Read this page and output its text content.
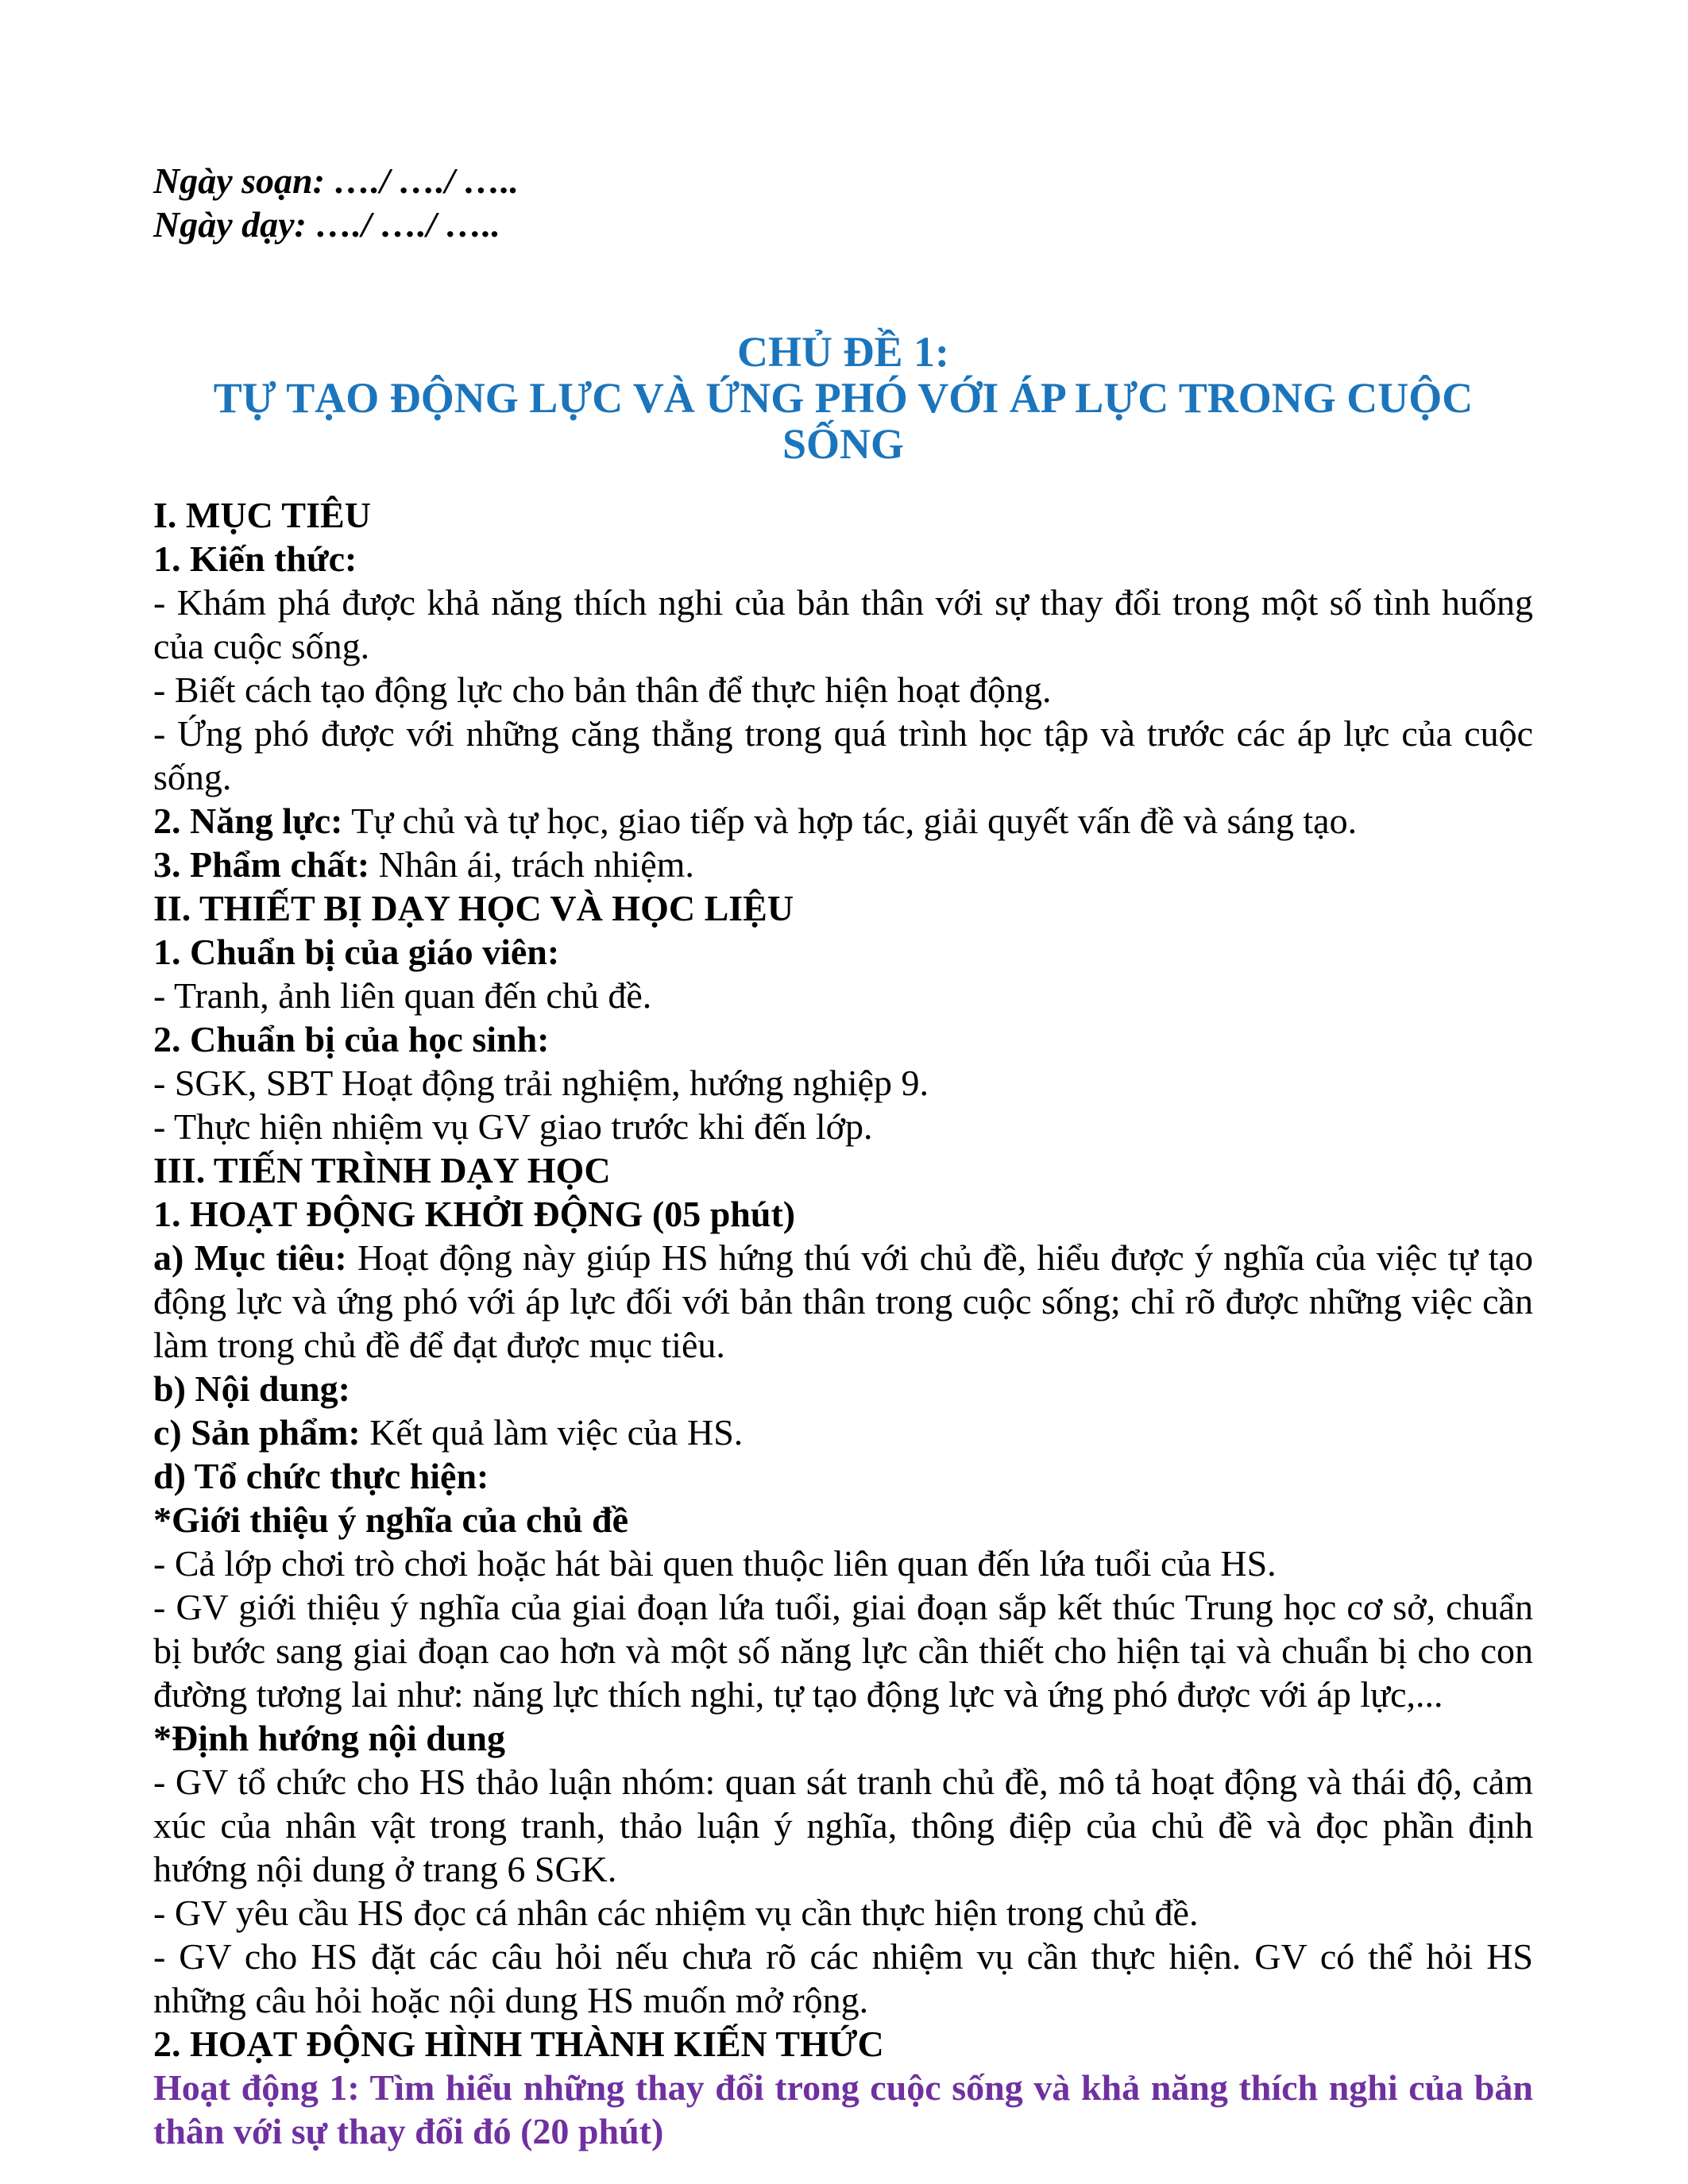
Ngày soạn: …./ …./ …..

Ngày dạy: …./ …./ …..

CHỦ ĐỀ 1:

TỰ TẠO ĐỘNG LỰC VÀ ỨNG PHÓ VỚI ÁP LỰC TRONG CUỘC SỐNG

I. MỤC TIÊU

1. Kiến thức:

- Khám phá được khả năng thích nghi của bản thân với sự thay đổi trong một số tình huống của cuộc sống.

- Biết cách tạo động lực cho bản thân để thực hiện hoạt động.

- Ứng phó được với những căng thẳng trong quá trình học tập và trước các áp lực của cuộc sống.

2. Năng lực: Tự chủ và tự học, giao tiếp và hợp tác, giải quyết vấn đề và sáng tạo.

3. Phẩm chất: Nhân ái, trách nhiệm.

II. THIẾT BỊ DẠY HỌC VÀ HỌC LIỆU

1. Chuẩn bị của giáo viên:

- Tranh, ảnh liên quan đến chủ đề.

2. Chuẩn bị của học sinh:

- SGK, SBT Hoạt động trải nghiệm, hướng nghiệp 9.

- Thực hiện nhiệm vụ GV giao trước khi đến lớp.

III. TIẾN TRÌNH DẠY HỌC

1. HOẠT ĐỘNG KHỞI ĐỘNG (05 phút)

a) Mục tiêu: Hoạt động này giúp HS hứng thú với chủ đề, hiểu được ý nghĩa của việc tự tạo động lực và ứng phó với áp lực đối với bản thân trong cuộc sống; chỉ rõ được những việc cần làm trong chủ đề để đạt được mục tiêu.

b) Nội dung:

c) Sản phẩm: Kết quả làm việc của HS.

d) Tổ chức thực hiện:

*Giới thiệu ý nghĩa của chủ đề

- Cả lớp chơi trò chơi hoặc hát bài quen thuộc liên quan đến lứa tuổi của HS.

- GV giới thiệu ý nghĩa của giai đoạn lứa tuổi, giai đoạn sắp kết thúc Trung học cơ sở, chuẩn bị bước sang giai đoạn cao hơn và một số năng lực cần thiết cho hiện tại và chuẩn bị cho con đường tương lai như: năng lực thích nghi, tự tạo động lực và ứng phó được với áp lực,...

*Định hướng nội dung

- GV tổ chức cho HS thảo luận nhóm: quan sát tranh chủ đề, mô tả hoạt động và thái độ, cảm xúc của nhân vật trong tranh, thảo luận ý nghĩa, thông điệp của chủ đề và đọc phần định hướng nội dung ở trang 6 SGK.

- GV yêu cầu HS đọc cá nhân các nhiệm vụ cần thực hiện trong chủ đề.

- GV cho HS đặt các câu hỏi nếu chưa rõ các nhiệm vụ cần thực hiện. GV có thể hỏi HS những câu hỏi hoặc nội dung HS muốn mở rộng.

2. HOẠT ĐỘNG HÌNH THÀNH KIẾN THỨC

Hoạt động 1: Tìm hiểu những thay đổi trong cuộc sống và khả năng thích nghi của bản thân với sự thay đổi đó (20 phút)
